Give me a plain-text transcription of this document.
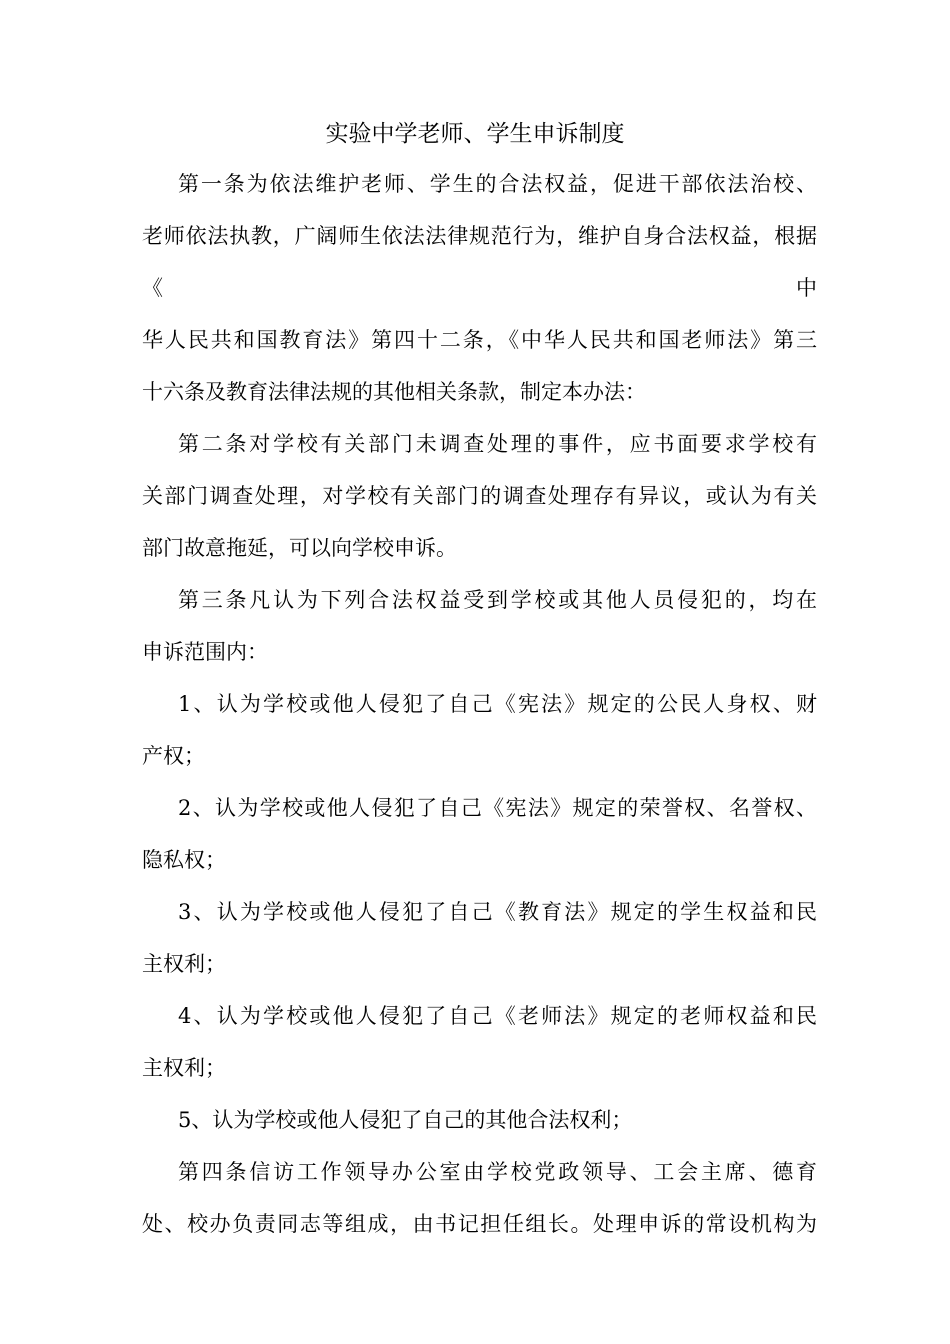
实验中学老师、学生申诉制度
第一条为依法维护老师、学生的合法权益，促进干部依法治校、
老师依法执教，广阔师生依法法律规范行为，维护自身合法权益，根据
《	中
华人民共和国教育法》第四十二条，《中华人民共和国老师法》第三
十六条及教育法律法规的其他相关条款，制定本办法：
第二条对学校有关部门未调查处理的事件，应书面要求学校有
关部门调查处理，对学校有关部门的调查处理存有异议，或认为有关
部门故意拖延，可以向学校申诉。
第三条凡认为下列合法权益受到学校或其他人员侵犯的，均在
申诉范围内：
1、认为学校或他人侵犯了自己《宪法》规定的公民人身权、财
产权；
2、认为学校或他人侵犯了自己《宪法》规定的荣誉权、名誉权、
隐私权；
3、认为学校或他人侵犯了自己《教育法》规定的学生权益和民
主权利；
4、认为学校或他人侵犯了自己《老师法》规定的老师权益和民
主权利；
5、认为学校或他人侵犯了自己的其他合法权利；
第四条信访工作领导办公室由学校党政领导、工会主席、德育
处、校办负责同志等组成，由书记担任组长。处理申诉的常设机构为
